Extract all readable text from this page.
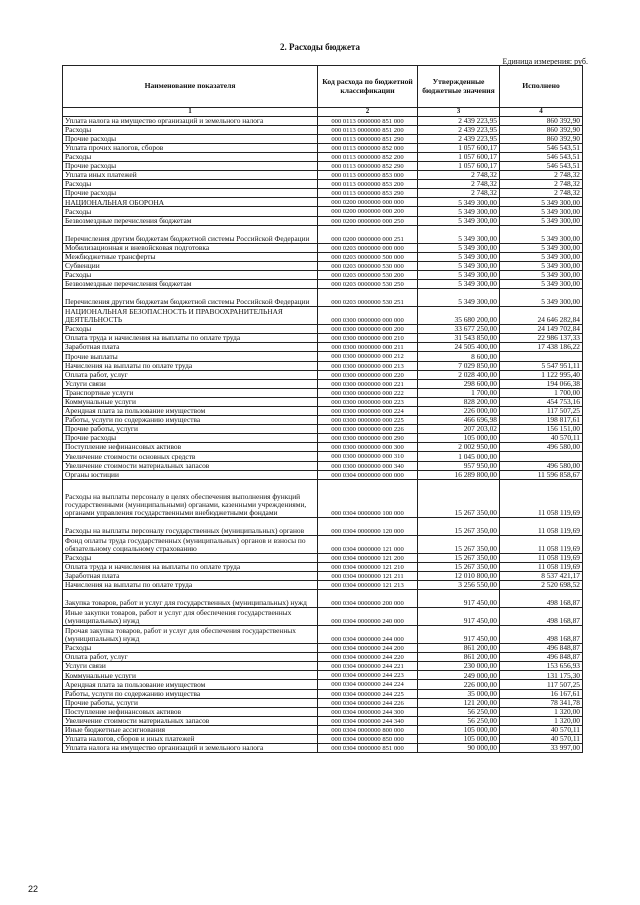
2. Расходы бюджета
Единица измерения: руб.
Наименование показателя	Код расхода по бюджетной классификации	Утвержденные бюджетные значения	Исполнено
1	2	3	4
Уплата налога на имущество организаций и земельного налога	000 0113 0000000 851 000	2 439 223,95	860 392,90
Расходы	000 0113 0000000 851 200	2 439 223,95	860 392,90
Прочие расходы	000 0113 0000000 851 290	2 439 223,95	860 392,90
Уплата прочих налогов, сборов	000 0113 0000000 852 000	1 057 600,17	546 543,51
Расходы	000 0113 0000000 852 200	1 057 600,17	546 543,51
Прочие расходы	000 0113 0000000 852 290	1 057 600,17	546 543,51
Уплата иных платежей	000 0113 0000000 853 000	2 748,32	2 748,32
Расходы	000 0113 0000000 853 200	2 748,32	2 748,32
Прочие расходы	000 0113 0000000 853 290	2 748,32	2 748,32
НАЦИОНАЛЬНАЯ ОБОРОНА	000 0200 0000000 000 000	5 349 300,00	5 349 300,00
Расходы	000 0200 0000000 000 200	5 349 300,00	5 349 300,00
Безвозмездные перечисления бюджетам	000 0200 0000000 000 250	5 349 300,00	5 349 300,00
Перечисления другим бюджетам бюджетной системы Российской Федерации	000 0200 0000000 000 251	5 349 300,00	5 349 300,00
Мобилизационная и вневойсковая подготовка	000 0203 0000000 000 000	5 349 300,00	5 349 300,00
Межбюджетные трансферты	000 0203 0000000 500 000	5 349 300,00	5 349 300,00
Субвенции	000 0203 0000000 530 000	5 349 300,00	5 349 300,00
Расходы	000 0203 0000000 530 200	5 349 300,00	5 349 300,00
Безвозмездные перечисления бюджетам	000 0203 0000000 530 250	5 349 300,00	5 349 300,00
Перечисления другим бюджетам бюджетной системы Российской Федерации	000 0203 0000000 530 251	5 349 300,00	5 349 300,00
НАЦИОНАЛЬНАЯ БЕЗОПАСНОСТЬ И ПРАВООХРАНИТЕЛЬНАЯ ДЕЯТЕЛЬНОСТЬ	000 0300 0000000 000 000	35 680 200,00	24 646 282,84
Расходы	000 0300 0000000 000 200	33 677 250,00	24 149 702,84
Оплата труда и начисления на выплаты по оплате труда	000 0300 0000000 000 210	31 543 850,00	22 986 137,33
Заработная плата	000 0300 0000000 000 211	24 505 400,00	17 438 186,22
Прочие выплаты	000 0300 0000000 000 212	8 600,00	
Начисления на выплаты по оплате труда	000 0300 0000000 000 213	7 029 850,00	5 547 951,11
Оплата работ, услуг	000 0300 0000000 000 220	2 028 400,00	1 122 995,40
Услуги связи	000 0300 0000000 000 221	298 600,00	194 066,38
Транспортные услуги	000 0300 0000000 000 222	1 700,00	1 700,00
Коммунальные услуги	000 0300 0000000 000 223	828 200,00	454 753,16
Арендная плата за пользование имуществом	000 0300 0000000 000 224	226 000,00	117 507,25
Работы, услуги по содержанию имущества	000 0300 0000000 000 225	466 696,98	198 817,61
Прочие работы, услуги	000 0300 0000000 000 226	207 203,02	156 151,00
Прочие расходы	000 0300 0000000 000 290	105 000,00	40 570,11
Поступление нефинансовых активов	000 0300 0000000 000 300	2 002 950,00	496 580,00
Увеличение стоимости основных средств	000 0300 0000000 000 310	1 045 000,00	
Увеличение стоимости материальных запасов	000 0300 0000000 000 340	957 950,00	496 580,00
Органы юстиции	000 0304 0000000 000 000	16 289 800,00	11 596 858,67
Расходы на выплаты персоналу в целях обеспечения выполнения функций государственными (муниципальными) органами, казенными учреждениями, органами управления государственными внебюджетными фондами	000 0304 0000000 100 000	15 267 350,00	11 058 119,69
Расходы на выплаты персоналу государственных (муниципальных) органов	000 0304 0000000 120 000	15 267 350,00	11 058 119,69
Фонд оплаты труда государственных (муниципальных) органов и взносы по обязательному социальному страхованию	000 0304 0000000 121 000	15 267 350,00	11 058 119,69
Расходы	000 0304 0000000 121 200	15 267 350,00	11 058 119,69
Оплата труда и начисления на выплаты по оплате труда	000 0304 0000000 121 210	15 267 350,00	11 058 119,69
Заработная плата	000 0304 0000000 121 211	12 010 800,00	8 537 421,17
Начисления на выплаты по оплате труда	000 0304 0000000 121 213	3 256 550,00	2 520 698,52
Закупка товаров, работ и услуг для государственных (муниципальных) нужд	000 0304 0000000 200 000	917 450,00	498 168,87
Иные закупки товаров, работ и услуг для обеспечения государственных (муниципальных) нужд	000 0304 0000000 240 000	917 450,00	498 168,87
Прочая закупка товаров, работ и услуг для обеспечения государственных (муниципальных) нужд	000 0304 0000000 244 000	917 450,00	498 168,87
Расходы	000 0304 0000000 244 200	861 200,00	496 848,87
Оплата работ, услуг	000 0304 0000000 244 220	861 200,00	496 848,87
Услуги связи	000 0304 0000000 244 221	230 000,00	153 656,93
Коммунальные услуги	000 0304 0000000 244 223	249 000,00	131 175,30
Арендная плата за пользование имуществом	000 0304 0000000 244 224	226 000,00	117 507,25
Работы, услуги по содержанию имущества	000 0304 0000000 244 225	35 000,00	16 167,61
Прочие работы, услуги	000 0304 0000000 244 226	121 200,00	78 341,78
Поступление нефинансовых активов	000 0304 0000000 244 300	56 250,00	1 320,00
Увеличение стоимости материальных запасов	000 0304 0000000 244 340	56 250,00	1 320,00
Иные бюджетные ассигнования	000 0304 0000000 800 000	105 000,00	40 570,11
Уплата налогов, сборов и иных платежей	000 0304 0000000 850 000	105 000,00	40 570,11
Уплата налога на имущество организаций и земельного налога	000 0304 0000000 851 000	90 000,00	33 997,00
22
